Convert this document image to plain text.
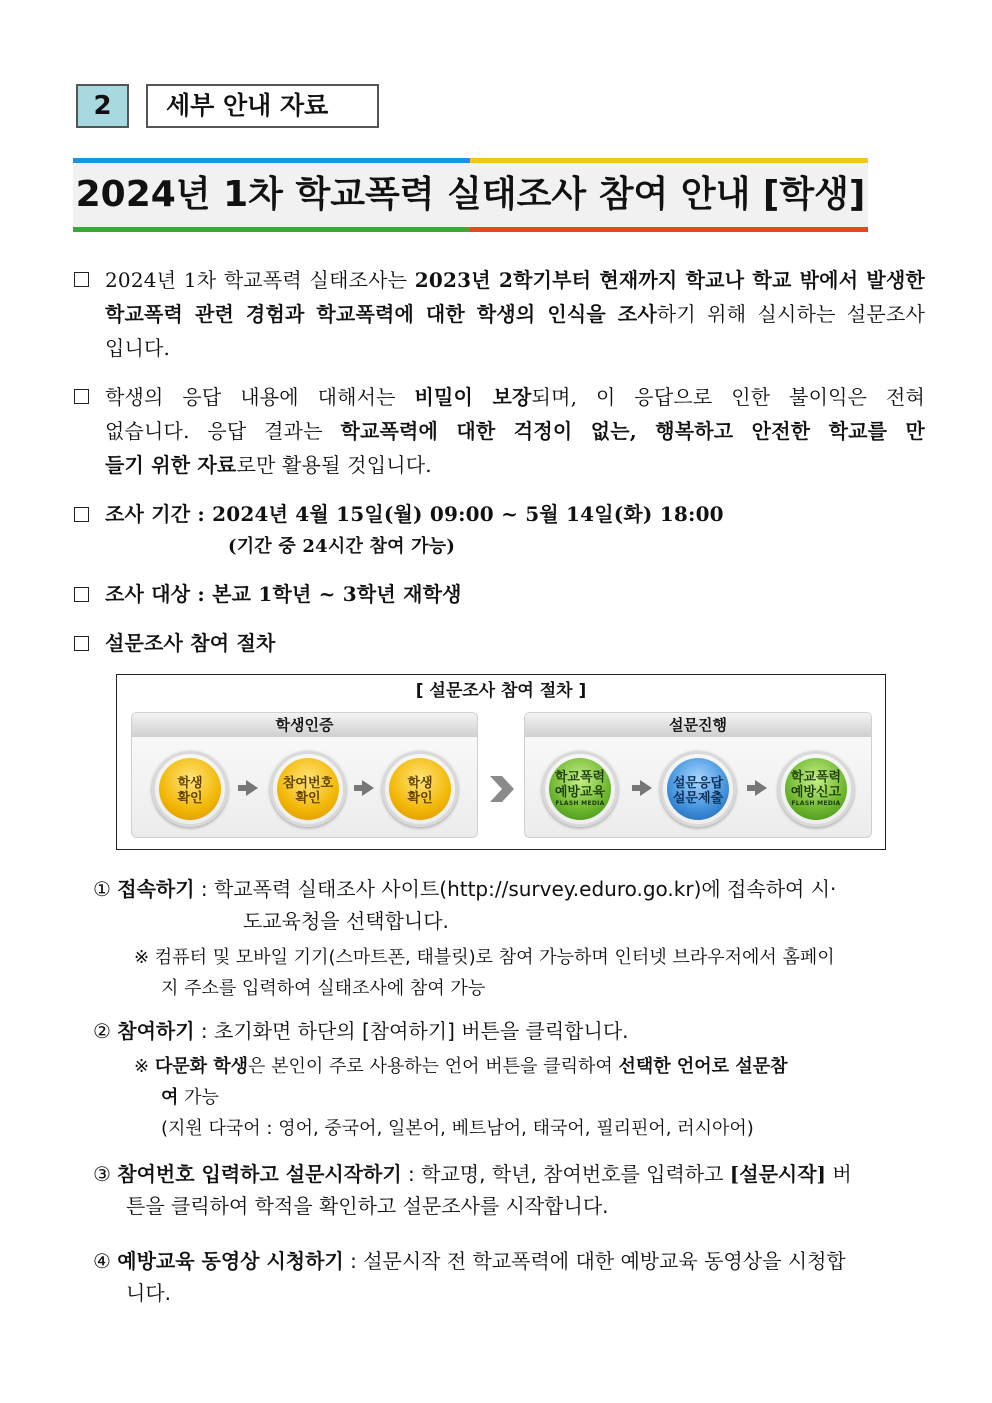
2	세부 안내 자료
2024년 1차 학교폭력 실태조사 참여 안내 [학생]
2024년 1차 학교폭력 실태조사는 2023년 2학기부터 현재까지 학교나 학교 밖에서 발생한
학교폭력 관련 경험과 학교폭력에 대한 학생의 인식을 조사하기 위해 실시하는 설문조사
입니다.
학생의 응답 내용에 대해서는 비밀이 보장되며, 이 응답으로 인한 불이익은 전혀
없습니다. 응답 결과는 학교폭력에 대한 걱정이 없는, 행복하고 안전한 학교를 만
들기 위한 자료로만 활용될 것입니다.
조사 기간 : 2024년 4월 15일(월) 09:00 ~ 5월 14일(화) 18:00
(기간 중 24시간 참여 가능)
조사 대상 : 본교 1학년 ~ 3학년 재학생
설문조사 참여 절차
[ 설문조사 참여 절차 ]
학생인증	설문진행
학생
확인
참여번호
확인
학생
확인
학교폭력
예방교육
FLASH MEDIA
설문응답
설문제출
학교폭력
예방신고
FLASH MEDIA
① 접속하기 : 학교폭력 실태조사 사이트(http://survey.eduro.go.kr)에 접속하여 시·
도교육청을 선택합니다.
※ 컴퓨터 및 모바일 기기(스마트폰, 태블릿)로 참여 가능하며 인터넷 브라우저에서 홈페이
지 주소를 입력하여 실태조사에 참여 가능
② 참여하기 : 초기화면 하단의 [참여하기] 버튼을 클릭합니다.
※ 다문화 학생은 본인이 주로 사용하는 언어 버튼을 클릭하여 선택한 언어로 설문참
여 가능
(지원 다국어 : 영어, 중국어, 일본어, 베트남어, 태국어, 필리핀어, 러시아어)
③ 참여번호 입력하고 설문시작하기 : 학교명, 학년, 참여번호를 입력하고 [설문시작] 버
튼을 클릭하여 학적을 확인하고 설문조사를 시작합니다.
④ 예방교육 동영상 시청하기 : 설문시작 전 학교폭력에 대한 예방교육 동영상을 시청합
니다.
